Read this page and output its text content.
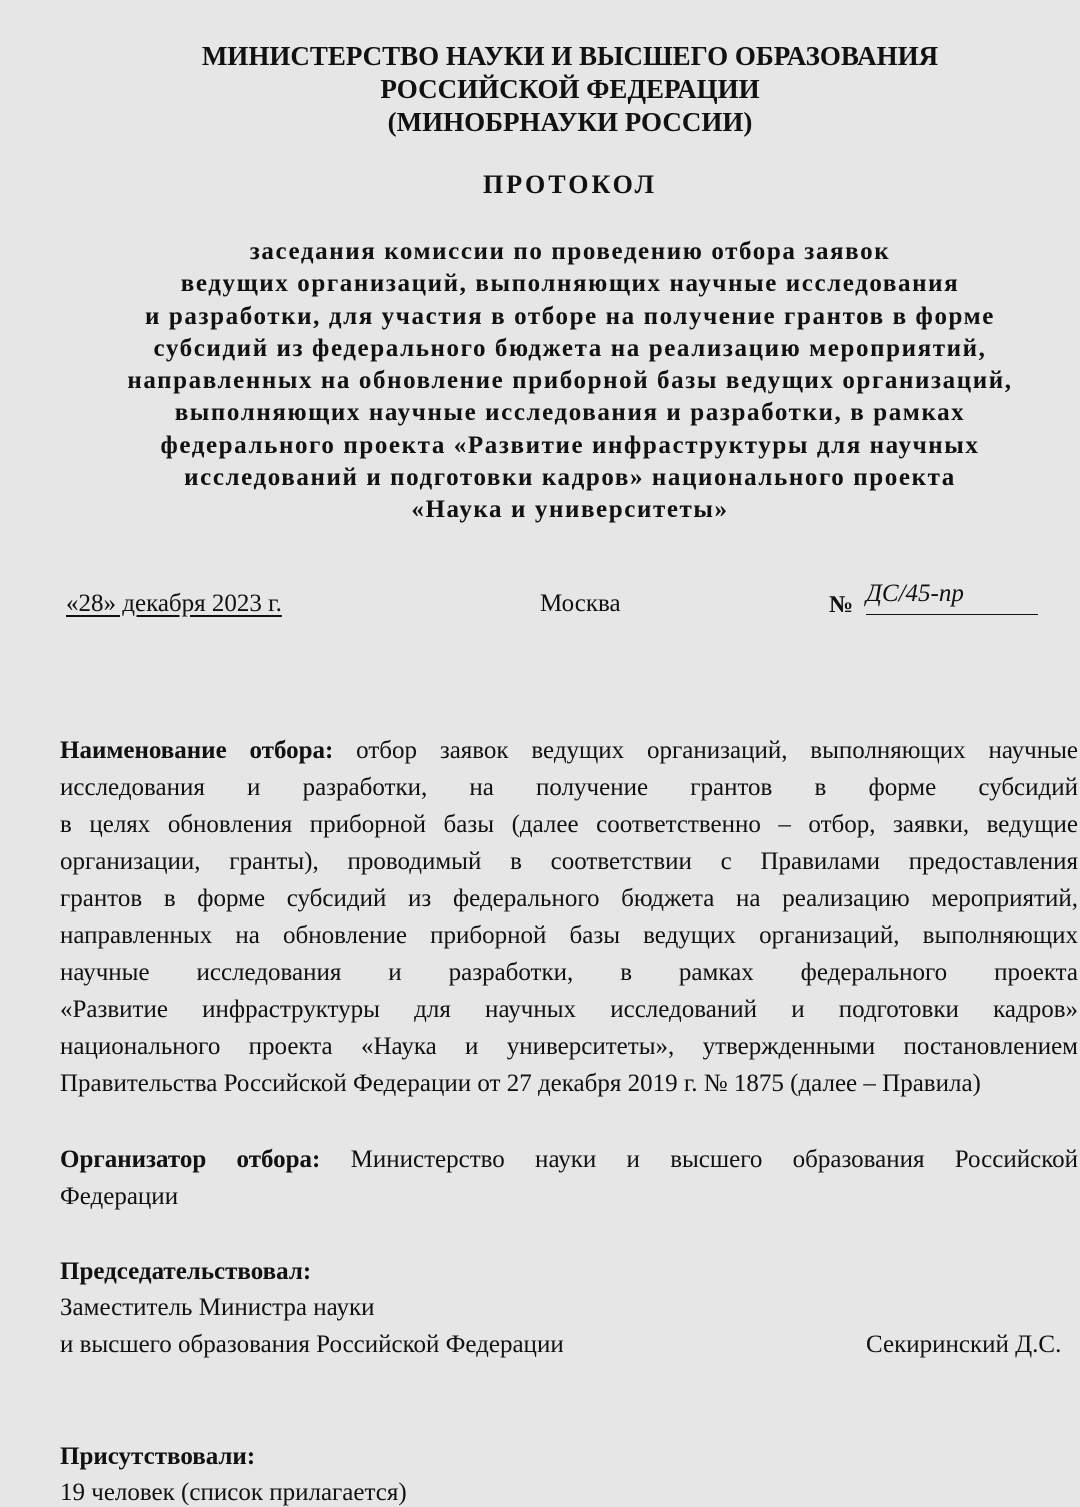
МИНИСТЕРСТВО НАУКИ И ВЫСШЕГО ОБРАЗОВАНИЯ
РОССИЙСКОЙ ФЕДЕРАЦИИ
(МИНОБРНАУКИ РОССИИ)
ПРОТОКОЛ
заседания комиссии по проведению отбора заявок
ведущих организаций, выполняющих научные исследования
и разработки, для участия в отборе на получение грантов в форме
субсидий из федерального бюджета на реализацию мероприятий,
направленных на обновление приборной базы ведущих организаций,
выполняющих научные исследования и разработки, в рамках
федерального проекта «Развитие инфраструктуры для научных
исследований и подготовки кадров» национального проекта
«Наука и университеты»
«28» декабря 2023 г.	Москва	№ ДС/45-пр
Наименование отбора: отбор заявок ведущих организаций, выполняющих научные
исследования и разработки, на получение грантов в форме субсидий
в целях обновления приборной базы (далее соответственно – отбор, заявки, ведущие
организации, гранты), проводимый в соответствии с Правилами предоставления
грантов в форме субсидий из федерального бюджета на реализацию мероприятий,
направленных на обновление приборной базы ведущих организаций, выполняющих
научные исследования и разработки, в рамках федерального проекта
«Развитие инфраструктуры для научных исследований и подготовки кадров»
национального проекта «Наука и университеты», утвержденными постановлением
Правительства Российской Федерации от 27 декабря 2019 г. № 1875 (далее – Правила)
Организатор отбора: Министерство науки и высшего образования Российской
Федерации
Председательствовал:
Заместитель Министра науки
и высшего образования Российской Федерации	Секиринский Д.С.
Присутствовали:
19 человек (список прилагается)
